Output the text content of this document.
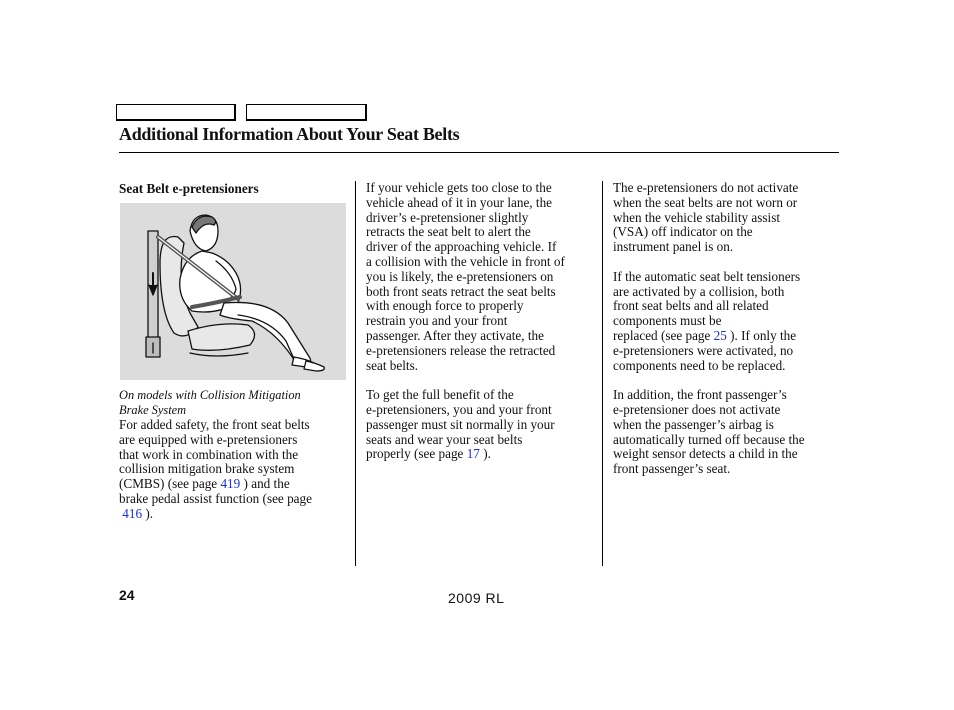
Additional Information About Your Seat Belts
Seat Belt e-pretensioners
On models with Collision Mitigation
Brake System

For added safety, the front seat belts

are equipped with e-pretensioners

that work in combination with the

collision mitigation brake system

(CMBS) (see page 419 ) and the

brake pedal assist function (see page

416 ).

If your vehicle gets too close to the

vehicle ahead of it in your lane, the

driver’s e-pretensioner slightly

retracts the seat belt to alert the

driver of the approaching vehicle. If

a collision with the vehicle in front of

you is likely, the e-pretensioners on

both front seats retract the seat belts

with enough force to properly

restrain you and your front

passenger. After they activate, the

e-pretensioners release the retracted

seat belts.

To get the full benefit of the

e-pretensioners, you and your front

passenger must sit normally in your

seats and wear your seat belts

properly (see page 17 ).

The e-pretensioners do not activate

when the seat belts are not worn or

when the vehicle stability assist

(VSA) off indicator on the

instrument panel is on.

If the automatic seat belt tensioners

are activated by a collision, both

front seat belts and all related

components must be

replaced (see page 25 ). If only the

e-pretensioners were activated, no

components need to be replaced.

In addition, the front passenger’s

e-pretensioner does not activate

when the passenger’s airbag is

automatically turned off because the

weight sensor detects a child in the

front passenger’s seat.

24	2009 RL
